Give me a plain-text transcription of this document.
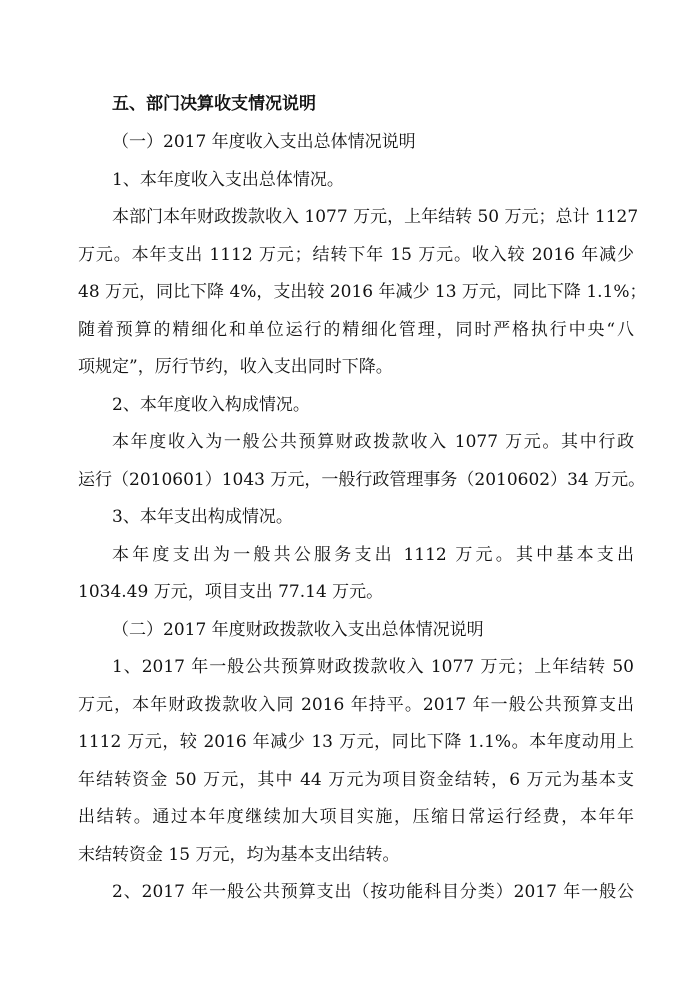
五、部门决算收支情况说明

（一）2017 年度收入支出总体情况说明

1、本年度收入支出总体情况。

本部门本年财政拨款收入 1077 万元，上年结转 50 万元；总计 1127

万元。本年支出 1112 万元；结转下年 15 万元。收入较 2016 年减少

48 万元，同比下降 4%，支出较 2016 年减少 13 万元，同比下降 1.1%；

随着预算的精细化和单位运行的精细化管理，同时严格执行中央“八

项规定”，厉行节约，收入支出同时下降。

2、本年度收入构成情况。

本年度收入为一般公共预算财政拨款收入 1077 万元。其中行政

运行（2010601）1043 万元，一般行政管理事务（2010602）34 万元。

3、本年支出构成情况。

本年度支出为一般共公服务支出 1112 万元。其中基本支出

1034.49 万元，项目支出 77.14 万元。

（二）2017 年度财政拨款收入支出总体情况说明

1、2017 年一般公共预算财政拨款收入 1077 万元；上年结转 50

万元，本年财政拨款收入同 2016 年持平。2017 年一般公共预算支出

1112 万元，较 2016 年减少 13 万元，同比下降 1.1%。本年度动用上

年结转资金 50 万元，其中 44 万元为项目资金结转，6 万元为基本支

出结转。通过本年度继续加大项目实施，压缩日常运行经费，本年年

末结转资金 15 万元，均为基本支出结转。

2、2017 年一般公共预算支出（按功能科目分类）2017 年一般公
